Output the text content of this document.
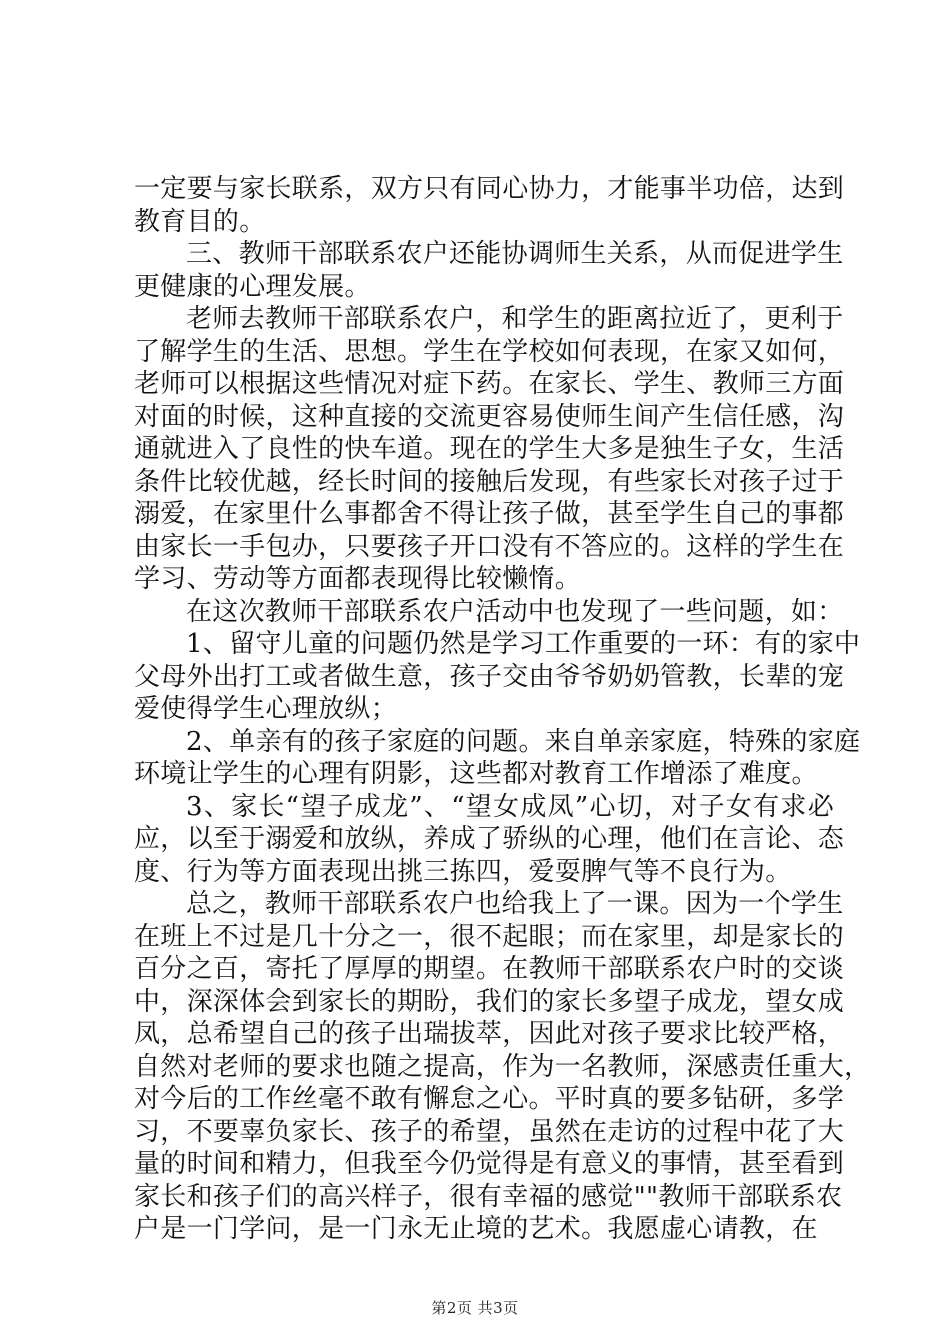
一定要与家长联系，双方只有同心协力，才能事半功倍，达到
教育目的。
三、教师干部联系农户还能协调师生关系，从而促进学生
更健康的心理发展。
老师去教师干部联系农户，和学生的距离拉近了，更利于
了解学生的生活、思想。学生在学校如何表现，在家又如何，
老师可以根据这些情况对症下药。在家长、学生、教师三方面
对面的时候，这种直接的交流更容易使师生间产生信任感，沟
通就进入了良性的快车道。现在的学生大多是独生子女，生活
条件比较优越，经长时间的接触后发现，有些家长对孩子过于
溺爱，在家里什么事都舍不得让孩子做，甚至学生自己的事都
由家长一手包办，只要孩子开口没有不答应的。这样的学生在
学习、劳动等方面都表现得比较懒惰。
在这次教师干部联系农户活动中也发现了一些问题，如：
1、留守儿童的问题仍然是学习工作重要的一环：有的家中
父母外出打工或者做生意，孩子交由爷爷奶奶管教，长辈的宠
爱使得学生心理放纵；
2、单亲有的孩子家庭的问题。来自单亲家庭，特殊的家庭
环境让学生的心理有阴影，这些都对教育工作增添了难度。
3、家长“望子成龙”、“望女成凤”心切，对子女有求必
应，以至于溺爱和放纵，养成了骄纵的心理，他们在言论、态
度、行为等方面表现出挑三拣四，爱耍脾气等不良行为。
总之，教师干部联系农户也给我上了一课。因为一个学生
在班上不过是几十分之一，很不起眼；而在家里，却是家长的
百分之百，寄托了厚厚的期望。在教师干部联系农户时的交谈
中，深深体会到家长的期盼，我们的家长多望子成龙，望女成
凤，总希望自己的孩子出瑞拔萃，因此对孩子要求比较严格，
自然对老师的要求也随之提高，作为一名教师，深感责任重大，
对今后的工作丝毫不敢有懈怠之心。平时真的要多钻研，多学
习，不要辜负家长、孩子的希望，虽然在走访的过程中花了大
量的时间和精力，但我至今仍觉得是有意义的事情，甚至看到
家长和孩子们的高兴样子，很有幸福的感觉""教师干部联系农
户是一门学问，是一门永无止境的艺术。我愿虚心请教，在
第2页 共3页
